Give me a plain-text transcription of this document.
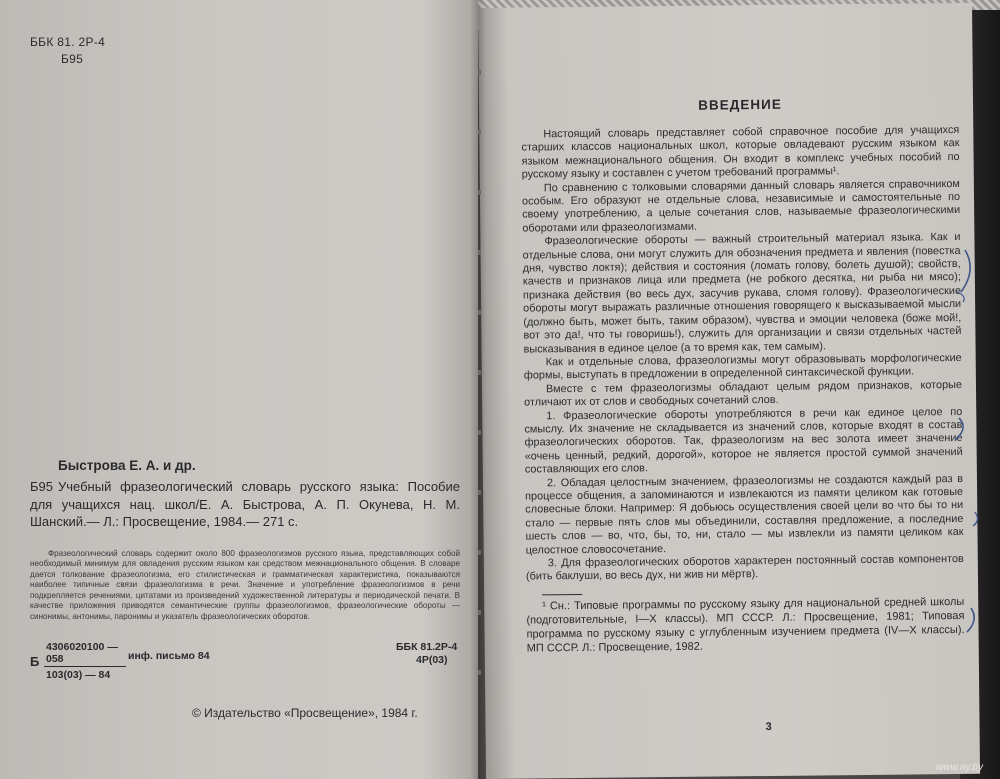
ББК 81. 2Р-4
Б95
Быстрова Е. А. и др.
Б95 Учебный фразеологический словарь русского языка: Пособие для учащихся нац. школ/Е. А. Быстрова, А. П. Окунева, Н. М. Шанский.— Л.: Просвещение, 1984.— 271 с.
Фразеологический словарь содержит около 800 фразеологизмов русского языка, представляющих собой необходимый минимум для овладения русским языком как средством межнационального общения. В словаре дается толкование фразеологизма, его стилистическая и грамматическая характеристика, показываются наиболее типичные связи фразеологизма в речи. Значение и употребление фразеологизмов в речи подкрепляется речениями, цитатами из произведений художественной литературы и периодической печати. В качестве приложения приводятся семантические группы фразеологизмов, фразеологические обороты — синонимы, антонимы, паронимы и указатель фразеологических оборотов.
Б $\frac{4306020100 — 058}{103(03) — 84}$ инф. письмо 84
ББК 81.2Р-4
4Р(03)
© Издательство «Просвещение», 1984 г.
ВВЕДЕНИЕ
Настоящий словарь представляет собой справочное пособие для учащихся старших классов национальных школ, которые овладевают русским языком как языком межнационального общения. Он входит в комплекс учебных пособий по русскому языку и составлен с учетом требований программы¹.
По сравнению с толковыми словарями данный словарь является справочником особым. Его образуют не отдельные слова, независимые и самостоятельные по своему употреблению, а целые сочетания слов, называемые фразеологическими оборотами или фразеологизмами.
Фразеологические обороты — важный строительный материал языка. Как и отдельные слова, они могут служить для обозначения предмета и явления (повестка дня, чувство локтя); действия и состояния (ломать голову, болеть душой); свойств, качеств и признаков лица или предмета (не робкого десятка, ни рыба ни мясо); признака действия (во весь дух, засучив рукава, сломя голову). Фразеологические обороты могут выражать различные отношения говорящего к высказываемой мысли (должно быть, может быть, таким образом), чувства и эмоции человека (боже мой!, вот это да!, что ты говоришь!), служить для организации и связи отдельных частей высказывания в единое целое (а то время как, тем самым).
Как и отдельные слова, фразеологизмы могут образовывать морфологические формы, выступать в предложении в определенной синтаксической функции.
Вместе с тем фразеологизмы обладают целым рядом признаков, которые отличают их от слов и свободных сочетаний слов.
1. Фразеологические обороты употребляются в речи как единое целое по смыслу. Их значение не складывается из значений слов, которые входят в состав фразеологических оборотов. Так, фразеологизм на вес золота имеет значение «очень ценный, редкий, дорогой», которое не является простой суммой значений составляющих его слов.
2. Обладая целостным значением, фразеологизмы не создаются каждый раз в процессе общения, а запоминаются и извлекаются из памяти целиком как готовые словесные блоки. Например: Я добьюсь осуществления своей цели во что бы то ни стало — первые пять слов мы объединили, составляя предложение, а последние шесть слов — во, что, бы, то, ни, стало — мы извлекли из памяти целиком как целостное словосочетание.
3. Для фразеологических оборотов характерен постоянный состав компонентов (бить баклуши, во весь дух, ни жив ни мёртв).
¹ Сн.: Типовые программы по русскому языку для национальной средней школы (подготовительные, I—X классы). МП СССР. Л.: Просвещение, 1981; Типовая программа по русскому языку с углубленным изучением предмета (IV—X классы). МП СССР. Л.: Просвещение, 1982.
3
www.ay.by
